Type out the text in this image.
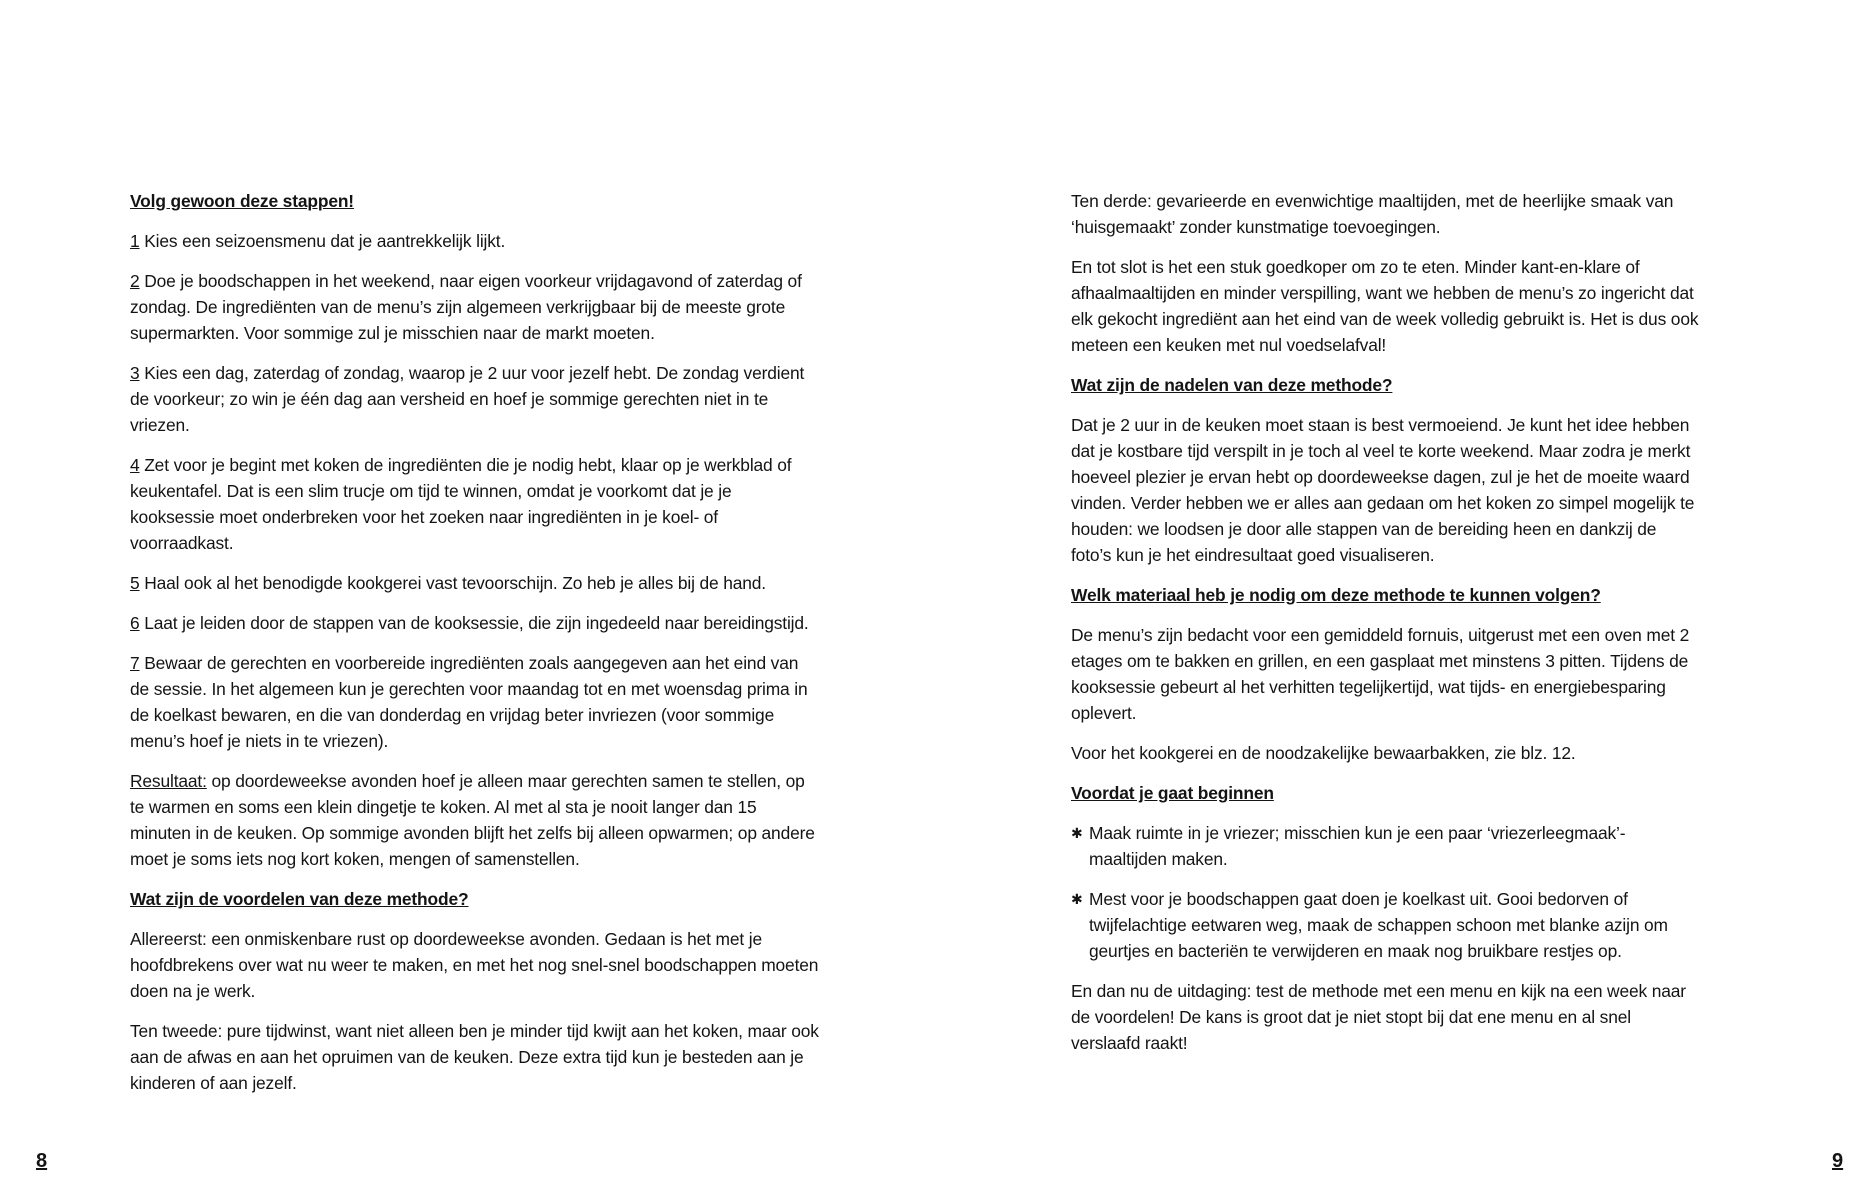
Volg gewoon deze stappen!

1 Kies een seizoensmenu dat je aantrekkelijk lijkt.

2 Doe je boodschappen in het weekend, naar eigen voorkeur vrijdagavond of zaterdag of zondag. De ingrediënten van de menu’s zijn algemeen verkrijgbaar bij de meeste grote supermarkten. Voor sommige zul je misschien naar de markt moeten.

3 Kies een dag, zaterdag of zondag, waarop je 2 uur voor jezelf hebt. De zondag verdient de voorkeur; zo win je één dag aan versheid en hoef je sommige gerechten niet in te vriezen.

4 Zet voor je begint met koken de ingrediënten die je nodig hebt, klaar op je werkblad of keukentafel. Dat is een slim trucje om tijd te winnen, omdat je voorkomt dat je je kooksessie moet onderbreken voor het zoeken naar ingrediënten in je koel- of voorraadkast.

5 Haal ook al het benodigde kookgerei vast tevoorschijn. Zo heb je alles bij de hand.

6 Laat je leiden door de stappen van de kooksessie, die zijn ingedeeld naar bereidingstijd.

7 Bewaar de gerechten en voorbereide ingrediënten zoals aangegeven aan het eind van de sessie. In het algemeen kun je gerechten voor maandag tot en met woensdag prima in de koelkast bewaren, en die van donderdag en vrijdag beter invriezen (voor sommige menu’s hoef je niets in te vriezen).

Resultaat: op doordeweekse avonden hoef je alleen maar gerechten samen te stellen, op te warmen en soms een klein dingetje te koken. Al met al sta je nooit langer dan 15 minuten in de keuken. Op sommige avonden blijft het zelfs bij alleen opwarmen; op andere moet je soms iets nog kort koken, mengen of samenstellen.

Wat zijn de voordelen van deze methode?

Allereerst: een onmiskenbare rust op doordeweekse avonden. Gedaan is het met je hoofdbrekens over wat nu weer te maken, en met het nog snel-snel boodschappen moeten doen na je werk.

Ten tweede: pure tijdwinst, want niet alleen ben je minder tijd kwijt aan het koken, maar ook aan de afwas en aan het opruimen van de keuken. Deze extra tijd kun je besteden aan je kinderen of aan jezelf.

8

Ten derde: gevarieerde en evenwichtige maaltijden, met de heerlijke smaak van ‘huisgemaakt’ zonder kunstmatige toevoegingen.

En tot slot is het een stuk goedkoper om zo te eten. Minder kant-en-klare of afhaalmaaltijden en minder verspilling, want we hebben de menu’s zo ingericht dat elk gekocht ingrediënt aan het eind van de week volledig gebruikt is. Het is dus ook meteen een keuken met nul voedselafval!

Wat zijn de nadelen van deze methode?

Dat je 2 uur in de keuken moet staan is best vermoeiend. Je kunt het idee hebben dat je kostbare tijd verspilt in je toch al veel te korte weekend. Maar zodra je merkt hoeveel plezier je ervan hebt op doordeweekse dagen, zul je het de moeite waard vinden. Verder hebben we er alles aan gedaan om het koken zo simpel mogelijk te houden: we loodsen je door alle stappen van de bereiding heen en dankzij de foto’s kun je het eindresultaat goed visualiseren.

Welk materiaal heb je nodig om deze methode te kunnen volgen?

De menu’s zijn bedacht voor een gemiddeld fornuis, uitgerust met een oven met 2 etages om te bakken en grillen, en een gasplaat met minstens 3 pitten. Tijdens de kooksessie gebeurt al het verhitten tegelijkertijd, wat tijds- en energiebesparing oplevert.

Voor het kookgerei en de noodzakelijke bewaarbakken, zie blz. 12.

Voordat je gaat beginnen

✱ Maak ruimte in je vriezer; misschien kun je een paar ‘vriezerleegmaak’-maaltijden maken.
✱ Mest voor je boodschappen gaat doen je koelkast uit. Gooi bedorven of twijfelachtige eetwaren weg, maak de schappen schoon met blanke azijn om geurtjes en bacteriën te verwijderen en maak nog bruikbare restjes op.

En dan nu de uitdaging: test de methode met een menu en kijk na een week naar de voordelen! De kans is groot dat je niet stopt bij dat ene menu en al snel verslaafd raakt!

9
